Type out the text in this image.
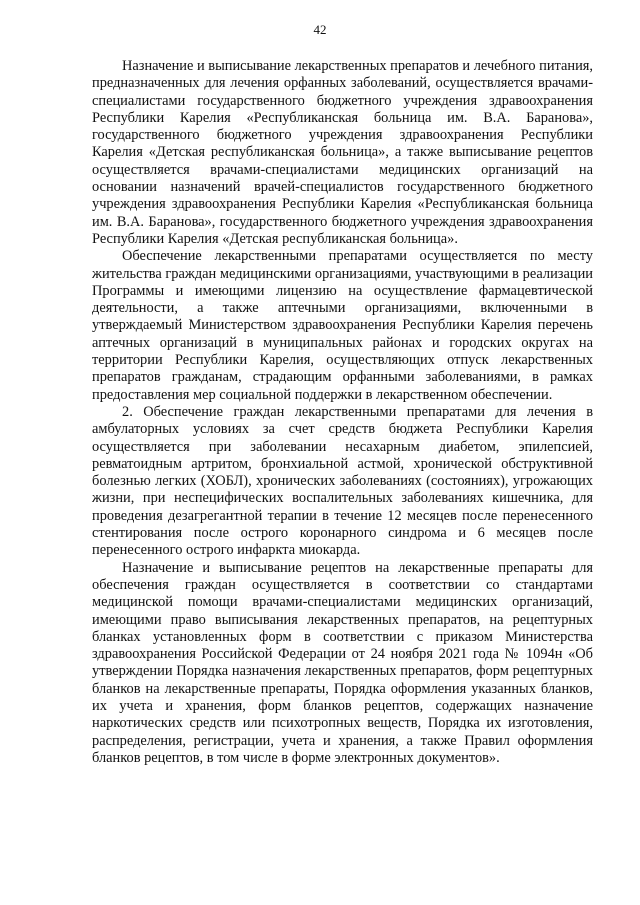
42

Назначение и выписывание лекарственных препаратов и лечебного питания, предназначенных для лечения орфанных заболеваний, осуществляется врачами-специалистами государственного бюджетного учреждения здравоохранения Республики Карелия «Республиканская больница им. В.А. Баранова», государственного бюджетного учреждения здравоохранения Республики Карелия «Детская республиканская больница», а также выписывание рецептов осуществляется врачами-специалистами медицинских организаций на основании назначений врачей-специалистов государственного бюджетного учреждения здравоохранения Республики Карелия «Республиканская больница им. В.А. Баранова», государственного бюджетного учреждения здравоохранения Республики Карелия «Детская республиканская больница».

Обеспечение лекарственными препаратами осуществляется по месту жительства граждан медицинскими организациями, участвующими в реализации Программы и имеющими лицензию на осуществление фармацевтической деятельности, а также аптечными организациями, включенными в утверждаемый Министерством здравоохранения Республики Карелия перечень аптечных организаций в муниципальных районах и городских округах на территории Республики Карелия, осуществляющих отпуск лекарственных препаратов гражданам, страдающим орфанными заболеваниями, в рамках предоставления мер социальной поддержки в лекарственном обеспечении.

2. Обеспечение граждан лекарственными препаратами для лечения в амбулаторных условиях за счет средств бюджета Республики Карелия осуществляется при заболевании несахарным диабетом, эпилепсией, ревматоидным артритом, бронхиальной астмой, хронической обструктивной болезнью легких (ХОБЛ), хронических заболеваниях (состояниях), угрожающих жизни, при неспецифических воспалительных заболеваниях кишечника, для проведения дезагрегантной терапии в течение 12 месяцев после перенесенного стентирования после острого коронарного синдрома и 6 месяцев после перенесенного острого инфаркта миокарда.

Назначение и выписывание рецептов на лекарственные препараты для обеспечения граждан осуществляется в соответствии со стандартами медицинской помощи врачами-специалистами медицинских организаций, имеющими право выписывания лекарственных препаратов, на рецептурных бланках установленных форм в соответствии с приказом Министерства здравоохранения Российской Федерации от 24 ноября 2021 года № 1094н «Об утверждении Порядка назначения лекарственных препаратов, форм рецептурных бланков на лекарственные препараты, Порядка оформления указанных бланков, их учета и хранения, форм бланков рецептов, содержащих назначение наркотических средств или психотропных веществ, Порядка их изготовления, распределения, регистрации, учета и хранения, а также Правил оформления бланков рецептов, в том числе в форме электронных документов».
